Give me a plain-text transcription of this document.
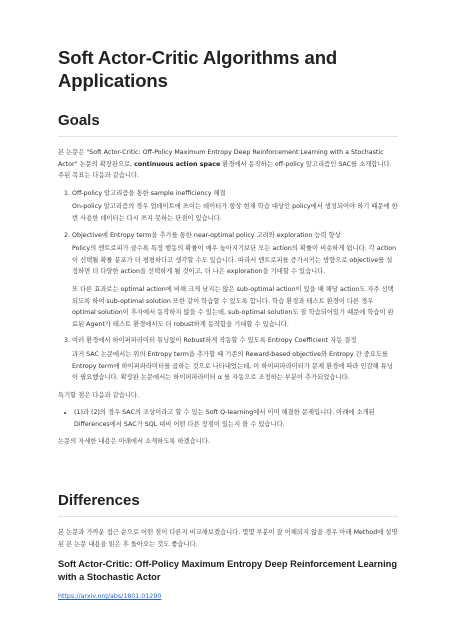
Soft Actor-Critic Algorithms and Applications
Goals

본 논문은 "Soft Actor-Critic: Off-Policy Maximum Entropy Deep Reinforcement Learning with a Stochastic Actor" 논문의 확장판으로, continuous action space 환경에서 동작하는 off-policy 알고리즘인 SAC를 소개합니다. 주된 목표는 다음과 같습니다.

1. Off-policy 알고리즘을 통한 sample inefficiency 해결

On-policy 알고리즘의 경우 업데이트에 쓰이는 데이터가 항상 현재 학습 대상인 policy에서 생성되어야 하기 때문에 한번 사용한 데이터는 다시 쓰지 못하는 단점이 있습니다.

2. Objective에 Entropy term을 추가를 통한 near-optimal policy 고려와 exploration 능력 향상

Policy의 엔트로피가 클수록 특정 행동의 확률이 매우 높아지기보단 모든 action의 확률이 비슷하게 됩니다. 각 action이 선택될 확률 분포가 더 평평하다고 생각할 수도 있습니다. 따라서 엔트로피를 증가시키는 방향으로 objective를 설정하면 더 다양한 action을 선택하게 될 것이고, 더 나은 exploration을 기대할 수 있습니다.

또 다른 효과로는 optimal action에 비해 크게 낮지는 않은 sub-optimal action이 있을 때 해당 action도 자주 선택되도록 하여 sub-optimal solution 또한 같이 학습할 수 있도록 합니다. 학습 환경과 테스트 환경이 다른 경우 optimal solution이 후자에서 동작하지 않을 수 있는데, sub-optimal solution도 잘 학습되어있기 때문에 학습이 완료된 Agent가 테스트 환경에서도 더 robust하게 동작함을 기대할 수 있습니다.

3. 여러 환경에서 하이퍼파라미터 튜닝없이 Robust하게 작동할 수 있도록 Entropy Coefficient 자동 결정

과거 SAC 논문에서는 위의 Entropy term을 추가할 때 기존의 Reward-based objective와 Entropy 간 중요도를 Entropy term에 하이퍼파라미터를 곱하는 것으로 나타내었는데, 이 하이퍼파라미터가 문제 환경에 따라 민감해 튜닝이 필요했습니다. 확장판 논문에서는 하이퍼파라미터 α 를 자동으로 조정하는 부분이 추가되었습니다.

특기할 점은 다음과 같습니다.

• (1)과 (2)의 경우 SAC의 조상이라고 할 수 있는 Soft Q-learning에서 이미 해결한 문제입니다. 아래에 소개된 Differences에서 SAC가 SQL 대비 어떤 다른 장점이 있는지 볼 수 있습니다.

논문의 자세한 내용은 아래에서 소개하도록 하겠습니다.

Differences

본 논문과 가까운 접근 순으로 어떤 점이 다른지 비교해보겠습니다. 몇몇 부분이 잘 이해되지 않을 경우 아래 Method에 설명된 본 논문 내용을 읽은 후 돌아오는 것도 좋습니다.

Soft Actor-Critic: Off-Policy Maximum Entropy Deep Reinforcement Learning with a Stochastic Actor
https://arxiv.org/abs/1801.01290
